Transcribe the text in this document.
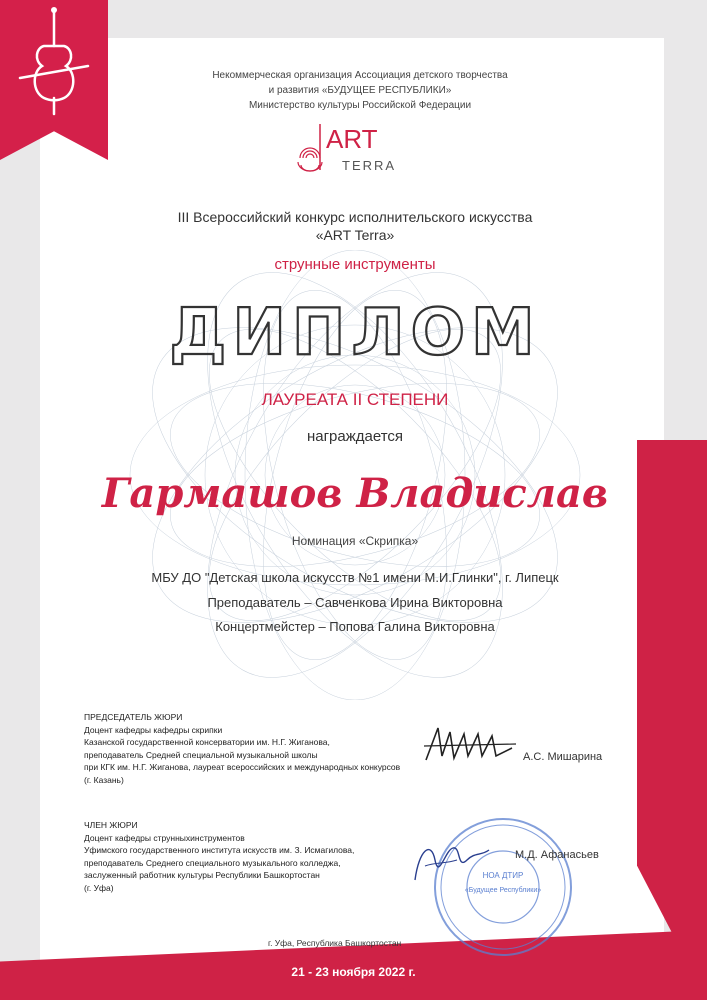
Некоммерческая организация Ассоциация детского творчества
и развития «БУДУЩЕЕ РЕСПУБЛИКИ»
Министерство культуры Российской Федерации
ART
TERRA
III Всероссийский конкурс исполнительского искусства
«ART Terra»
струнные инструменты
ДИПЛОМ
ЛАУРЕАТА II СТЕПЕНИ
награждается
Гармашов Владислав
Номинация «Скрипка»
МБУ ДО "Детская школа искусств №1 имени М.И.Глинки", г. Липецк
Преподаватель – Савченкова Ирина Викторовна
Концертмейстер – Попова Галина Викторовна
ПРЕДСЕДАТЕЛЬ ЖЮРИ
Доцент кафедры кафедры скрипки
Казанской государственной консерватории им. Н.Г. Жиганова,
преподаватель Средней специальной музыкальной школы
при КГК им. Н.Г. Жиганова, лауреат всероссийских и международных конкурсов
(г. Казань)
А.С. Мишарина
ЧЛЕН ЖЮРИ
Доцент кафедры струнныхинструментов
Уфимского государственного института искусств им. З. Исмагилова,
преподаватель Среднего специального музыкального колледжа,
заслуженный работник культуры Республики Башкортостан
(г. Уфа)
НОА ДТИР
«Будущее Республики»
М.Д. Афанасьев
г. Уфа, Республика Башкортостан
21 - 23 ноября 2022 г.
